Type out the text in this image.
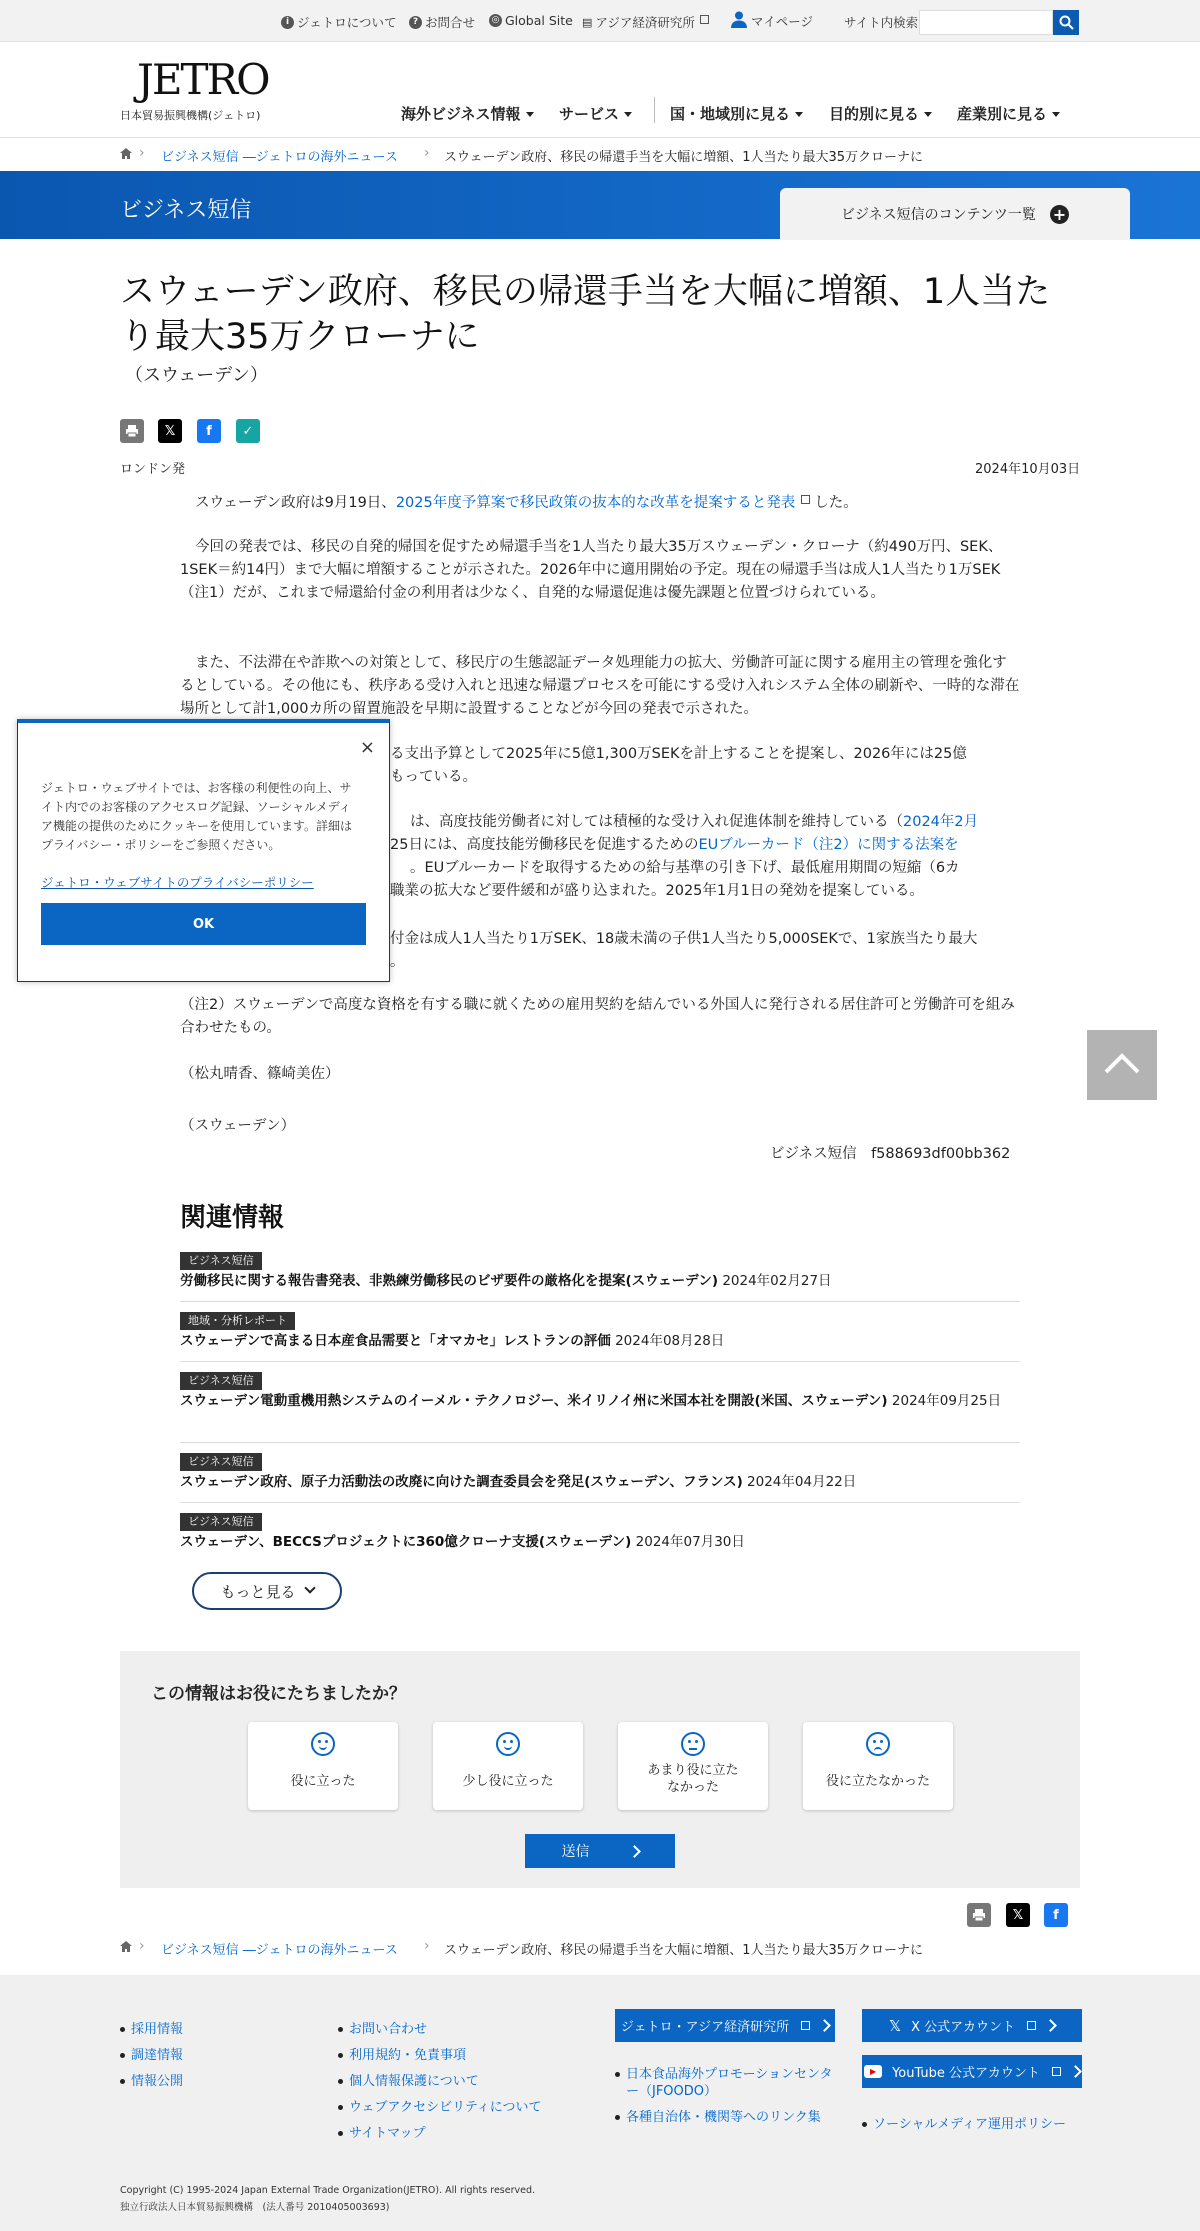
i ジェトロについて	? お問合せ ◎ Global Site ▤ アジア経済研究所	マイページ サイト内検索
JETRO
日本貿易振興機構(ジェトロ)	海外ビジネス情報	サービス	国・地域別に見る	目的別に見る	産業別に見る
› ビジネス短信 ―ジェトロの海外ニュース › スウェーデン政府、移民の帰還手当を大幅に増額、1人当たり最大35万クローナに
ビジネス短信	ビジネス短信のコンテンツ一覧 +
スウェーデン政府、移民の帰還手当を大幅に増額、1人当たり最大35万クローナに
（スウェーデン）
𝕏 f ✓
ロンドン発	2024年10月03日
スウェーデン政府は9月19日、2025年度予算案で移民政策の抜本的な改革を提案すると発表 した。
今回の発表では、移民の自発的帰国を促すため帰還手当を1人当たり最大35万スウェーデン・クローナ（約490万円、SEK、1SEK＝約14円）まで大幅に増額することが示された。2026年中に適用開始の予定。現在の帰還手当は成人1人当たり1万SEK（注1）だが、これまで帰還給付金の利用者は少なく、自発的な帰還促進は優先課題と位置づけられている。
また、不法滞在や詐欺への対策として、移民庁の生態認証データ処理能力の拡大、労働許可証に関する雇用主の管理を強化するとしている。その他にも、秩序ある受け入れと迅速な帰還プロセスを可能にする受け入れシステム全体の刷新や、一時的な滞在場所として計1,000カ所の留置施設を早期に設置することなどが今回の発表で示された。
る支出予算として2025年に5億1,300万SEKを計上することを提案し、2026年には25億
もっている。
は、高度技能労働者に対しては積極的な受け入れ促進体制を維持している（2024年2月
25日には、高度技能労働移民を促進するためのEUブルーカード（注2）に関する法案を
。EUブルーカードを取得するための給与基準の引き下げ、最低雇用期間の短縮（6カ
職業の拡大など要件緩和が盛り込まれた。2025年1月1日の発効を提案している。
付金は成人1人当たり1万SEK、18歳未満の子供1人当たり5,000SEKで、1家族当たり最大
。
（注2）スウェーデンで高度な資格を有する職に就くための雇用契約を結んでいる外国人に発行される居住許可と労働許可を組み合わせたもの。
（松丸晴香、篠崎美佐）
（スウェーデン）
ビジネス短信　f588693df00bb362
関連情報
ビジネス短信
労働移民に関する報告書発表、非熟練労働移民のビザ要件の厳格化を提案(スウェーデン) 2024年02月27日
地域・分析レポート
スウェーデンで高まる日本産食品需要と「オマカセ」レストランの評価 2024年08月28日
ビジネス短信
スウェーデン電動重機用熱システムのイーメル・テクノロジー、米イリノイ州に米国本社を開設(米国、スウェーデン) 2024年09月25日
ビジネス短信
スウェーデン政府、原子力活動法の改廃に向けた調査委員会を発足(スウェーデン、フランス) 2024年04月22日
ビジネス短信
スウェーデン、BECCSプロジェクトに360億クローナ支援(スウェーデン) 2024年07月30日
もっと見る
この情報はお役にたちましたか？
役に立った	少し役に立った
あまり役に立た
なかった	役に立たなかった
送信
𝕏 f
› ビジネス短信 ―ジェトロの海外ニュース › スウェーデン政府、移民の帰還手当を大幅に増額、1人当たり最大35万クローナに
採用情報
調達情報
情報公開
お問い合わせ
利用規約・免責事項
個人情報保護について
ウェブアクセシビリティについて
サイトマップ
ジェトロ・アジア経済研究所
日本食品海外プロモーションセンタ
ー（JFOODO）
各種自治体・機関等へのリンク集
𝕏 X 公式アカウント
▶	YouTube 公式アカウント
ソーシャルメディア運用ポリシー
Copyright (C) 1995-2024 Japan External Trade Organization(JETRO). All rights reserved.
独立行政法人日本貿易振興機構　(法人番号 2010405003693)
×
ジェトロ・ウェブサイトでは、お客様の利便性の向上、サイト内でのお客様のアクセスログ記録、ソーシャルメディア機能の提供のためにクッキーを使用しています。詳細はプライバシー・ポリシーをご参照ください。
ジェトロ・ウェブサイトのプライバシーポリシー
OK
